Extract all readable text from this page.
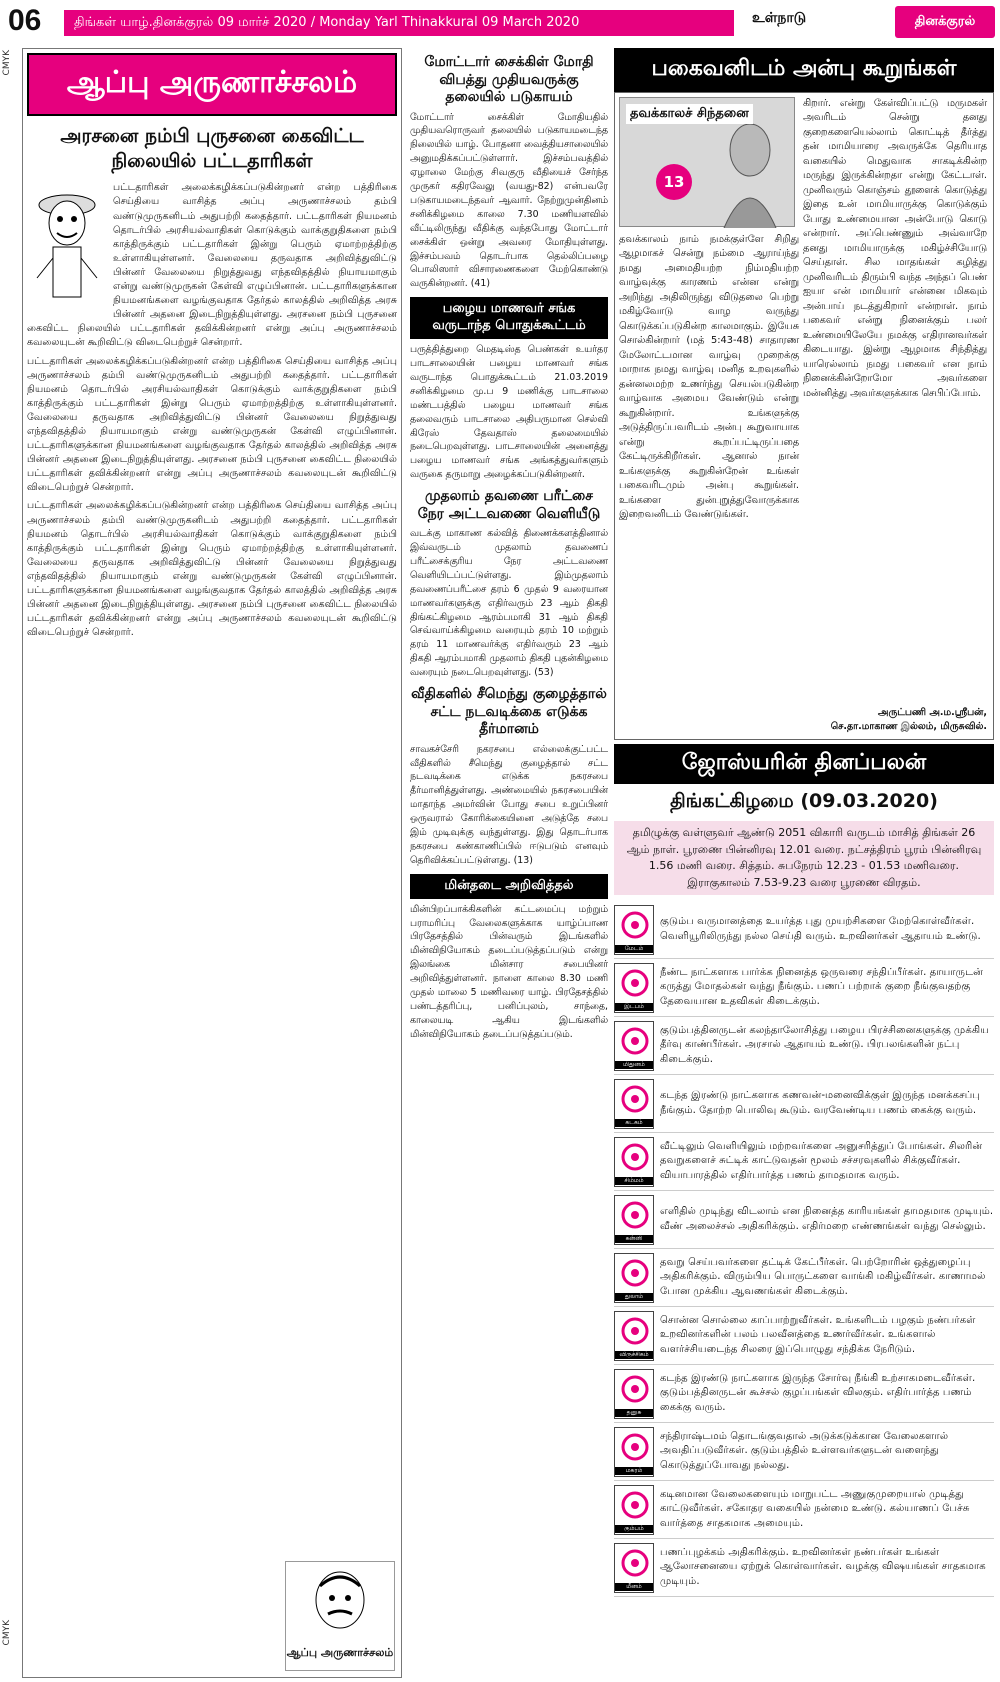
06	திங்கள் யாழ்.தினக்குரல் 09 மார்ச் 2020 / Monday Yarl Thinakkural 09 March 2020	உள்நாடு	தினக்குரல்
CMYK
CMYK
ஆப்பு அருணாச்சலம்
அரசனை நம்பி புருசனை கைவிட்ட நிலையில் பட்டதாரிகள்
பட்டதாரிகள் அலைக்கழிக்கப்படுகின்றனர் என்ற பத்திரிகை செய்தியை வாசித்த அப்பு அருணாச்சலம் தம்பி வண்டுமுருகனிடம் அதுபற்றி கதைத்தார். பட்டதாரிகள் நியமனம் தொடர்பில் அரசியல்வாதிகள் கொடுக்கும் வாக்குறுதிகளை நம்பி காத்திருக்கும் பட்டதாரிகள் இன்று பெரும் ஏமாற்றத்திற்கு உள்ளாகியுள்ளனர். வேலையை தருவதாக அறிவித்துவிட்டு பின்னர் வேலையை நிறுத்துவது எந்தவிதத்தில் நியாயமாகும் என்று வண்டுமுருகன் கேள்வி எழுப்பினான். பட்டதாரிகளுக்கான நியமனங்களை வழங்குவதாக தேர்தல் காலத்தில் அறிவித்த அரசு பின்னர் அதனை இடைநிறுத்தியுள்ளது. அரசனை நம்பி புருசனை கைவிட்ட நிலையில் பட்டதாரிகள் தவிக்கின்றனர் என்று அப்பு அருணாச்சலம் கவலையுடன் கூறிவிட்டு விடைபெற்றுச் சென்றார்.
பட்டதாரிகள் அலைக்கழிக்கப்படுகின்றனர் என்ற பத்திரிகை செய்தியை வாசித்த அப்பு அருணாச்சலம் தம்பி வண்டுமுருகனிடம் அதுபற்றி கதைத்தார். பட்டதாரிகள் நியமனம் தொடர்பில் அரசியல்வாதிகள் கொடுக்கும் வாக்குறுதிகளை நம்பி காத்திருக்கும் பட்டதாரிகள் இன்று பெரும் ஏமாற்றத்திற்கு உள்ளாகியுள்ளனர். வேலையை தருவதாக அறிவித்துவிட்டு பின்னர் வேலையை நிறுத்துவது எந்தவிதத்தில் நியாயமாகும் என்று வண்டுமுருகன் கேள்வி எழுப்பினான். பட்டதாரிகளுக்கான நியமனங்களை வழங்குவதாக தேர்தல் காலத்தில் அறிவித்த அரசு பின்னர் அதனை இடைநிறுத்தியுள்ளது. அரசனை நம்பி புருசனை கைவிட்ட நிலையில் பட்டதாரிகள் தவிக்கின்றனர் என்று அப்பு அருணாச்சலம் கவலையுடன் கூறிவிட்டு விடைபெற்றுச் சென்றார்.
பட்டதாரிகள் அலைக்கழிக்கப்படுகின்றனர் என்ற பத்திரிகை செய்தியை வாசித்த அப்பு அருணாச்சலம் தம்பி வண்டுமுருகனிடம் அதுபற்றி கதைத்தார். பட்டதாரிகள் நியமனம் தொடர்பில் அரசியல்வாதிகள் கொடுக்கும் வாக்குறுதிகளை நம்பி காத்திருக்கும் பட்டதாரிகள் இன்று பெரும் ஏமாற்றத்திற்கு உள்ளாகியுள்ளனர். வேலையை தருவதாக அறிவித்துவிட்டு பின்னர் வேலையை நிறுத்துவது எந்தவிதத்தில் நியாயமாகும் என்று வண்டுமுருகன் கேள்வி எழுப்பினான். பட்டதாரிகளுக்கான நியமனங்களை வழங்குவதாக தேர்தல் காலத்தில் அறிவித்த அரசு பின்னர் அதனை இடைநிறுத்தியுள்ளது. அரசனை நம்பி புருசனை கைவிட்ட நிலையில் பட்டதாரிகள் தவிக்கின்றனர் என்று அப்பு அருணாச்சலம் கவலையுடன் கூறிவிட்டு விடைபெற்றுச் சென்றார்.
ஆப்பு அருணாச்சலம்
மோட்டார் சைக்கிள் மோதி விபத்து முதியவருக்கு தலையில் படுகாயம்
மோட்டார் சைக்கிள் மோதியதில் முதியவரொருவர் தலையில் படுகாயமடைந்த நிலையில் யாழ். போதனா வைத்தியசாலையில் அனுமதிக்கப்பட்டுள்ளார். இச்சம்பவத்தில் ஏழாலை மேற்கு சிவகுரு வீதியைச் சேர்ந்த முருகர் கதிரவேலு (வயது-82) என்பவரே படுகாயமடைந்தவர் ஆவார். நேற்றுமுன்தினம் சனிக்கிழமை காலை 7.30 மணியளவில் வீட்டிலிருந்து வீதிக்கு வந்தபோது மோட்டார் சைக்கிள் ஒன்று அவரை மோதியுள்ளது. இச்சம்பவம் தொடர்பாக தெல்லிப்பழை பொலிஸார் விசாரணைகளை மேற்கொண்டு வருகின்றனர். (41)
பழைய மாணவர் சங்க வருடாந்த பொதுக்கூட்டம்
பருத்தித்துறை மெதடிஸ்த பெண்கள் உயர்தர பாடசாலையின் பழைய மாணவர் சங்க வருடாந்த பொதுக்கூட்டம் 21.03.2019 சனிக்கிழமை மு.ப 9 மணிக்கு பாடசாலை மண்டபத்தில் பழைய மாணவர் சங்க தலைவரும் பாடசாலை அதிபருமான செல்வி கிரேஸ் தேவதாஸ் தலைமையில் நடைபெறவுள்ளது. பாடசாலையின் அனைத்து பழைய மாணவர் சங்க அங்கத்துவர்களும் வருகை தருமாறு அழைக்கப்படுகின்றனர்.
முதலாம் தவணை பரீட்சை நேர அட்டவணை வெளியீடு
வடக்கு மாகாண கல்வித் திணைக்களத்தினால் இவ்வருடம் முதலாம் தவணைப் பரீட்சைக்குரிய நேர அட்டவணை வெளியிடப்பட்டுள்ளது. இம்முதலாம் தவணைப்பரீட்சை தரம் 6 முதல் 9 வரையான மாணவர்களுக்கு எதிர்வரும் 23 ஆம் திகதி திங்கட்கிழமை ஆரம்பமாகி 31 ஆம் திகதி செவ்வாய்க்கிழமை வரையும் தரம் 10 மற்றும் தரம் 11 மாணவர்க்கு எதிர்வரும் 23 ஆம் திகதி ஆரம்பமாகி முதலாம் திகதி புதன்கிழமை வரையும் நடைபெறவுள்ளது. (53)
வீதிகளில் சீமெந்து குழைத்தால் சட்ட நடவடிக்கை எடுக்க தீர்மானம்
சாவகச்சேரி நகரசபை எல்லைக்குட்பட்ட வீதிகளில் சீமெந்து குழைத்தால் சட்ட நடவடிக்கை எடுக்க நகரசபை தீர்மானித்துள்ளது. அண்மையில் நகரசபையின் மாதாந்த அமர்வின் போது சபை உறுப்பினர் ஒருவரால் கோரிக்கையினை அடுத்தே சபை இம் முடிவுக்கு வந்துள்ளது. இது தொடர்பாக நகரசபை கண்காணிப்பில் ஈடுபடும் எனவும் தெரிவிக்கப்பட்டுள்ளது. (13)
மின்தடை அறிவித்தல்
மின்பிறப்பாக்கிகளின் கட்டமைப்பு மற்றும் பராமரிப்பு வேலைகளுக்காக யாழ்ப்பாண பிரதேசத்தில் பின்வரும் இடங்களில் மின்விநியோகம் தடைப்படுத்தப்படும் என்று இலங்கை மின்சார சபையினர் அறிவித்துள்ளனர். நாளை காலை 8.30 மணி முதல் மாலை 5 மணிவரை யாழ். பிரதேசத்தில் பண்டத்தரிப்பு, பனிப்புலம், சாந்தை, காலையடி ஆகிய இடங்களில் மின்விநியோகம் தடைப்படுத்தப்படும்.
பகைவனிடம் அன்பு கூறுங்கள்
தவக்காலச் சிந்தனை
13
தவக்காலம் நாம் நமக்குள்ளே சிறிது ஆழமாகச் சென்று நம்மை ஆராய்ந்து நமது அமைதியற்ற நிம்மதியற்ற வாழ்வுக்கு காரணம் என்ன என்று அறிந்து அதிலிருந்து விடுதலை பெற்று மகிழ்வோடு வாழ வருந்து கொடுக்கப்படுகின்ற காலமாகும். இயேசு சொல்கின்றார் (மத் 5:43-48) சாதாரண மேலோட்டமான வாழ்வு முறைக்கு மாறாக நமது வாழ்வு மனித உறவுகளில் தன்னலமற்ற உணர்ந்து செயல்படுகின்ற வாழ்வாக அமைய வேண்டும் என்று கூறுகின்றார். உங்களுக்கு அடுத்திருப்பவரிடம் அன்பு கூறுவாயாக என்று கூறப்பட்டிருப்பதை கேட்டிருக்கிறீர்கள். ஆனால் நான் உங்களுக்கு கூறுகின்றேன் உங்கள் பகைவரிடமும் அன்பு கூறுங்கள். உங்களை துன்புறுத்துவோருக்காக இறைவனிடம் வேண்டுங்கள்.
கிறார். என்று கேள்விப்பட்டு மருமகள் அவரிடம் சென்று தனது குறைகளையெல்லாம் கொட்டித் தீர்த்து தன் மாமியாரை அவருக்கே தெரியாத வகையில் மெதுவாக சாகடிக்கின்ற மருந்து இருக்கின்றதா என்று கேட்டாள். முனிவரும் கொஞ்சம் தூளைக் கொடுத்து இதை உன் மாமியாருக்கு கொடுக்கும் போது உண்மையான அன்போடு கொடு என்றார். அப்பெண்ணும் அவ்வாறே தனது மாமியாருக்கு மகிழ்ச்சியோடு செய்தாள். சில மாதங்கள் கழித்து முனிவரிடம் திரும்பி வந்த அந்தப் பெண் ஐயா என் மாமியார் என்னை மிகவும் அன்பாய் நடத்துகிறார் என்றாள். நாம் பகைவர் என்று நினைக்கும் பலர் உண்மையிலேயே நமக்கு எதிரானவர்கள் கிடையாது. இன்று ஆழமாக சிந்தித்து யாரெல்லாம் நமது பகைவர் என நாம் நினைக்கின்றோமோ அவர்களை மன்னித்து அவர்களுக்காக செபிப்போம்.
அருட்பணி அ.ம.ஸ்ரீபன்,
செ.தா.மாகாண இல்லம், மிருசுவில்.
ஜோஸ்யரின் தினப்பலன்
திங்கட்கிழமை (09.03.2020)
தமிழுக்கு வள்ளுவர் ஆண்டு 2051 விகாரி வருடம் மாசித் திங்கள் 26 ஆம் நாள். பூரணை பின்னிரவு 12.01 வரை. நட்சத்திரம் பூரம் பின்னிரவு 1.56 மணி வரை. சித்தம். சுபநேரம் 12.23 - 01.53 மணிவரை. இராகுகாலம் 7.53-9.23 வரை பூரணை விரதம்.
மேடம்
குடும்ப வருமானத்தை உயர்த்த புது முயற்சிகளை மேற்கொள்வீர்கள். வெளியூரிலிருந்து நல்ல செய்தி வரும். உறவினர்கள் ஆதாயம் உண்டு.
இடபம்
நீண்ட நாட்களாக பார்க்க நினைத்த ஒருவரை சந்திப்பீர்கள். தாயாருடன் கருத்து மோதல்கள் வந்து நீங்கும். பணப் பற்றாக் குறை நீங்குவதற்கு தேவையான உதவிகள் கிடைக்கும்.
மிதுனம்
குடும்பத்தினருடன் கலந்தாலோசித்து பழைய பிரச்சினைகளுக்கு முக்கிய தீர்வு காண்பீர்கள். அரசால் ஆதாயம் உண்டு. பிரபலங்களின் நட்பு கிடைக்கும்.
கடகம்
கடந்த இரண்டு நாட்களாக கணவன்-மனைவிக்குள் இருந்த மனக்கசப்பு நீங்கும். தோற்ற பொலிவு கூடும். வரவேண்டிய பணம் கைக்கு வரும்.
சிம்மம்
வீட்டிலும் வெளியிலும் மற்றவர்களை அனுசரித்துப் போங்கள். சிலரின் தவறுகளைச் சுட்டிக் காட்டுவதன் மூலம் சச்சரவுகளில் சிக்குவீர்கள். வியாபாரத்தில் எதிர்பார்த்த பணம் தாமதமாக வரும்.
கன்னி
எளிதில் முடிந்து விடலாம் என நினைத்த காரியங்கள் தாமதமாக முடியும். வீண் அலைச்சல் அதிகரிக்கும். எதிர்மறை எண்ணங்கள் வந்து செல்லும்.
துலாம்
தவறு செய்பவர்களை தட்டிக் கேட்பீர்கள். பெற்றோரின் ஒத்துழைப்பு அதிகரிக்கும். விரும்பிய பொருட்களை வாங்கி மகிழ்வீர்கள். காணாமல் போன முக்கிய ஆவணங்கள் கிடைக்கும்.
விருச்சிகம்
சொன்ன சொல்லை காப்பாற்றுவீர்கள். உங்களிடம் பழகும் நண்பர்கள் உறவினர்களின் பலம் பலவீனத்தை உணர்வீர்கள். உங்களால் வளர்ச்சியடைந்த சிலரை இப்பொழுது சந்திக்க நேரிடும்.
தனுசு
கடந்த இரண்டு நாட்களாக இருந்த சோர்வு நீங்கி உற்சாகமடைவீர்கள். குடும்பத்தினருடன் கூச்சல் குழப்பங்கள் விலகும். எதிர்பார்த்த பணம் கைக்கு வரும்.
மகரம்
சந்திராஷ்டமம் தொடங்குவதால் அடுக்கடுக்கான வேலைகளால் அவதிப்படுவீர்கள். குடும்பத்தில் உள்ளவர்களுடன் வளைந்து கொடுத்துப்போவது நல்லது.
கும்பம்
கடினமான வேலைகளையும் மாறுபட்ட அணுகுமுறையால் முடித்து காட்டுவீர்கள். சகோதர வகையில் நன்மை உண்டு. கல்யாணப் பேச்சு வார்த்தை சாதகமாக அமையும்.
மீனம்
பணப்புழக்கம் அதிகரிக்கும். உறவினர்கள் நண்பர்கள் உங்கள் ஆலோசனையை ஏற்றுக் கொள்வார்கள். வழக்கு விஷயங்கள் சாதகமாக முடியும்.
